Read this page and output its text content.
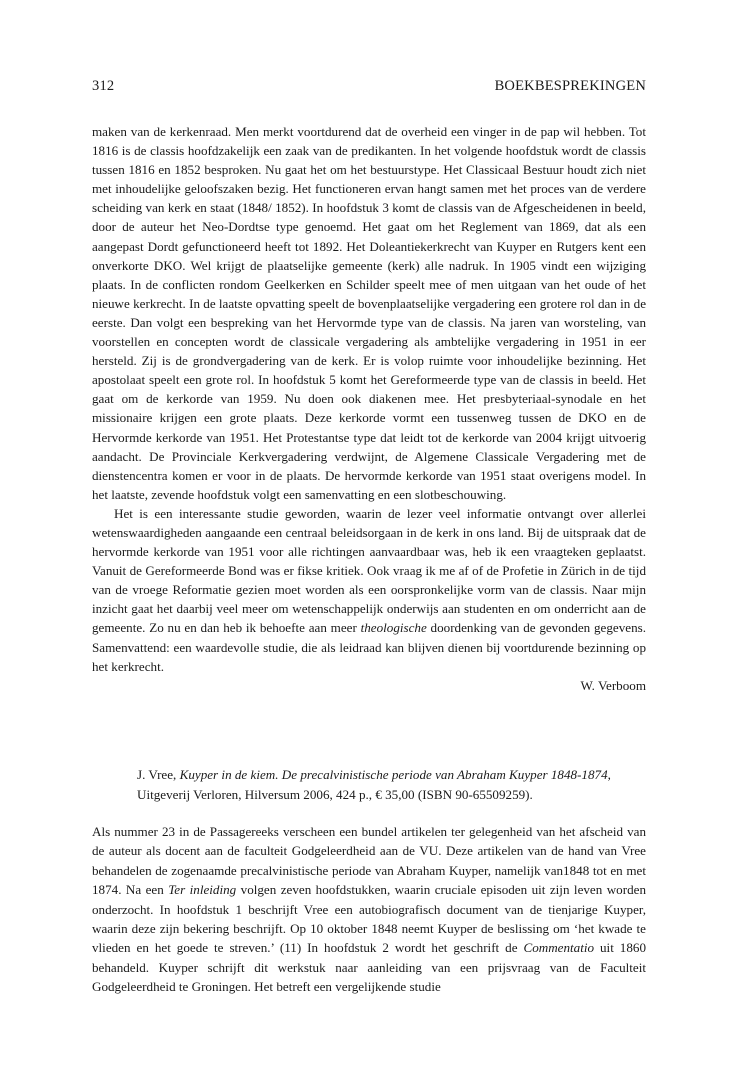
312	BOEKBESPREKINGEN

maken van de kerkenraad. Men merkt voortdurend dat de overheid een vinger in de pap wil hebben. Tot 1816 is de classis hoofdzakelijk een zaak van de predikanten. In het volgende hoofdstuk wordt de classis tussen 1816 en 1852 besproken. Nu gaat het om het bestuurstype. Het Classicaal Bestuur houdt zich niet met inhoudelijke geloofszaken bezig. Het functioneren ervan hangt samen met het proces van de verdere scheiding van kerk en staat (1848/ 1852). In hoofdstuk 3 komt de classis van de Afgescheidenen in beeld, door de auteur het Neo-Dordtse type genoemd. Het gaat om het Reglement van 1869, dat als een aangepast Dordt gefunctioneerd heeft tot 1892. Het Doleantiekerkrecht van Kuyper en Rutgers kent een onverkorte DKO. Wel krijgt de plaatselijke gemeente (kerk) alle nadruk. In 1905 vindt een wijziging plaats. In de conflicten rondom Geelkerken en Schilder speelt mee of men uitgaan van het oude of het nieuwe kerkrecht. In de laatste opvatting speelt de bovenplaatselijke vergadering een grotere rol dan in de eerste. Dan volgt een bespreking van het Hervormde type van de classis. Na jaren van worsteling, van voorstellen en concepten wordt de classicale vergadering als ambtelijke vergadering in 1951 in eer hersteld. Zij is de grondvergadering van de kerk. Er is volop ruimte voor inhoudelijke bezinning. Het apostolaat speelt een grote rol. In hoofdstuk 5 komt het Gereformeerde type van de classis in beeld. Het gaat om de kerkorde van 1959. Nu doen ook diakenen mee. Het presbyteriaal-synodale en het missionaire krijgen een grote plaats. Deze kerkorde vormt een tussenweg tussen de DKO en de Hervormde kerkorde van 1951. Het Protestantse type dat leidt tot de kerkorde van 2004 krijgt uitvoerig aandacht. De Provinciale Kerkvergadering verdwijnt, de Algemene Classicale Vergadering met de dienstencentra komen er voor in de plaats. De hervormde kerkorde van 1951 staat overigens model. In het laatste, zevende hoofdstuk volgt een samenvatting en een slotbeschouwing.

Het is een interessante studie geworden, waarin de lezer veel informatie ontvangt over allerlei wetenswaardigheden aangaande een centraal beleidsorgaan in de kerk in ons land. Bij de uitspraak dat de hervormde kerkorde van 1951 voor alle richtingen aanvaardbaar was, heb ik een vraagteken geplaatst. Vanuit de Gereformeerde Bond was er fikse kritiek. Ook vraag ik me af of de Profetie in Zürich in de tijd van de vroege Reformatie gezien moet worden als een oorspronkelijke vorm van de classis. Naar mijn inzicht gaat het daarbij veel meer om wetenschappelijk onderwijs aan studenten en om onderricht aan de gemeente. Zo nu en dan heb ik behoefte aan meer theologische doordenking van de gevonden gegevens. Samenvattend: een waardevolle studie, die als leidraad kan blijven dienen bij voortdurende bezinning op het kerkrecht.

W. Verboom

J. Vree, Kuyper in de kiem. De precalvinistische periode van Abraham Kuyper 1848-1874,
Uitgeverij Verloren, Hilversum 2006, 424 p., € 35,00 (ISBN 90-65509259).

Als nummer 23 in de Passagereeks verscheen een bundel artikelen ter gelegenheid van het afscheid van de auteur als docent aan de faculteit Godgeleerdheid aan de VU. Deze artikelen van de hand van Vree behandelen de zogenaamde precalvinistische periode van Abraham Kuyper, namelijk van1848 tot en met 1874. Na een Ter inleiding volgen zeven hoofdstukken, waarin cruciale episoden uit zijn leven worden onderzocht. In hoofdstuk 1 beschrijft Vree een autobiografisch document van de tienjarige Kuyper, waarin deze zijn bekering beschrijft. Op 10 oktober 1848 neemt Kuyper de beslissing om ‘het kwade te vlieden en het goede te streven.’ (11) In hoofdstuk 2 wordt het geschrift de Commentatio uit 1860 behandeld. Kuyper schrijft dit werkstuk naar aanleiding van een prijsvraag van de Faculteit Godgeleerdheid te Groningen. Het betreft een vergelijkende studie
